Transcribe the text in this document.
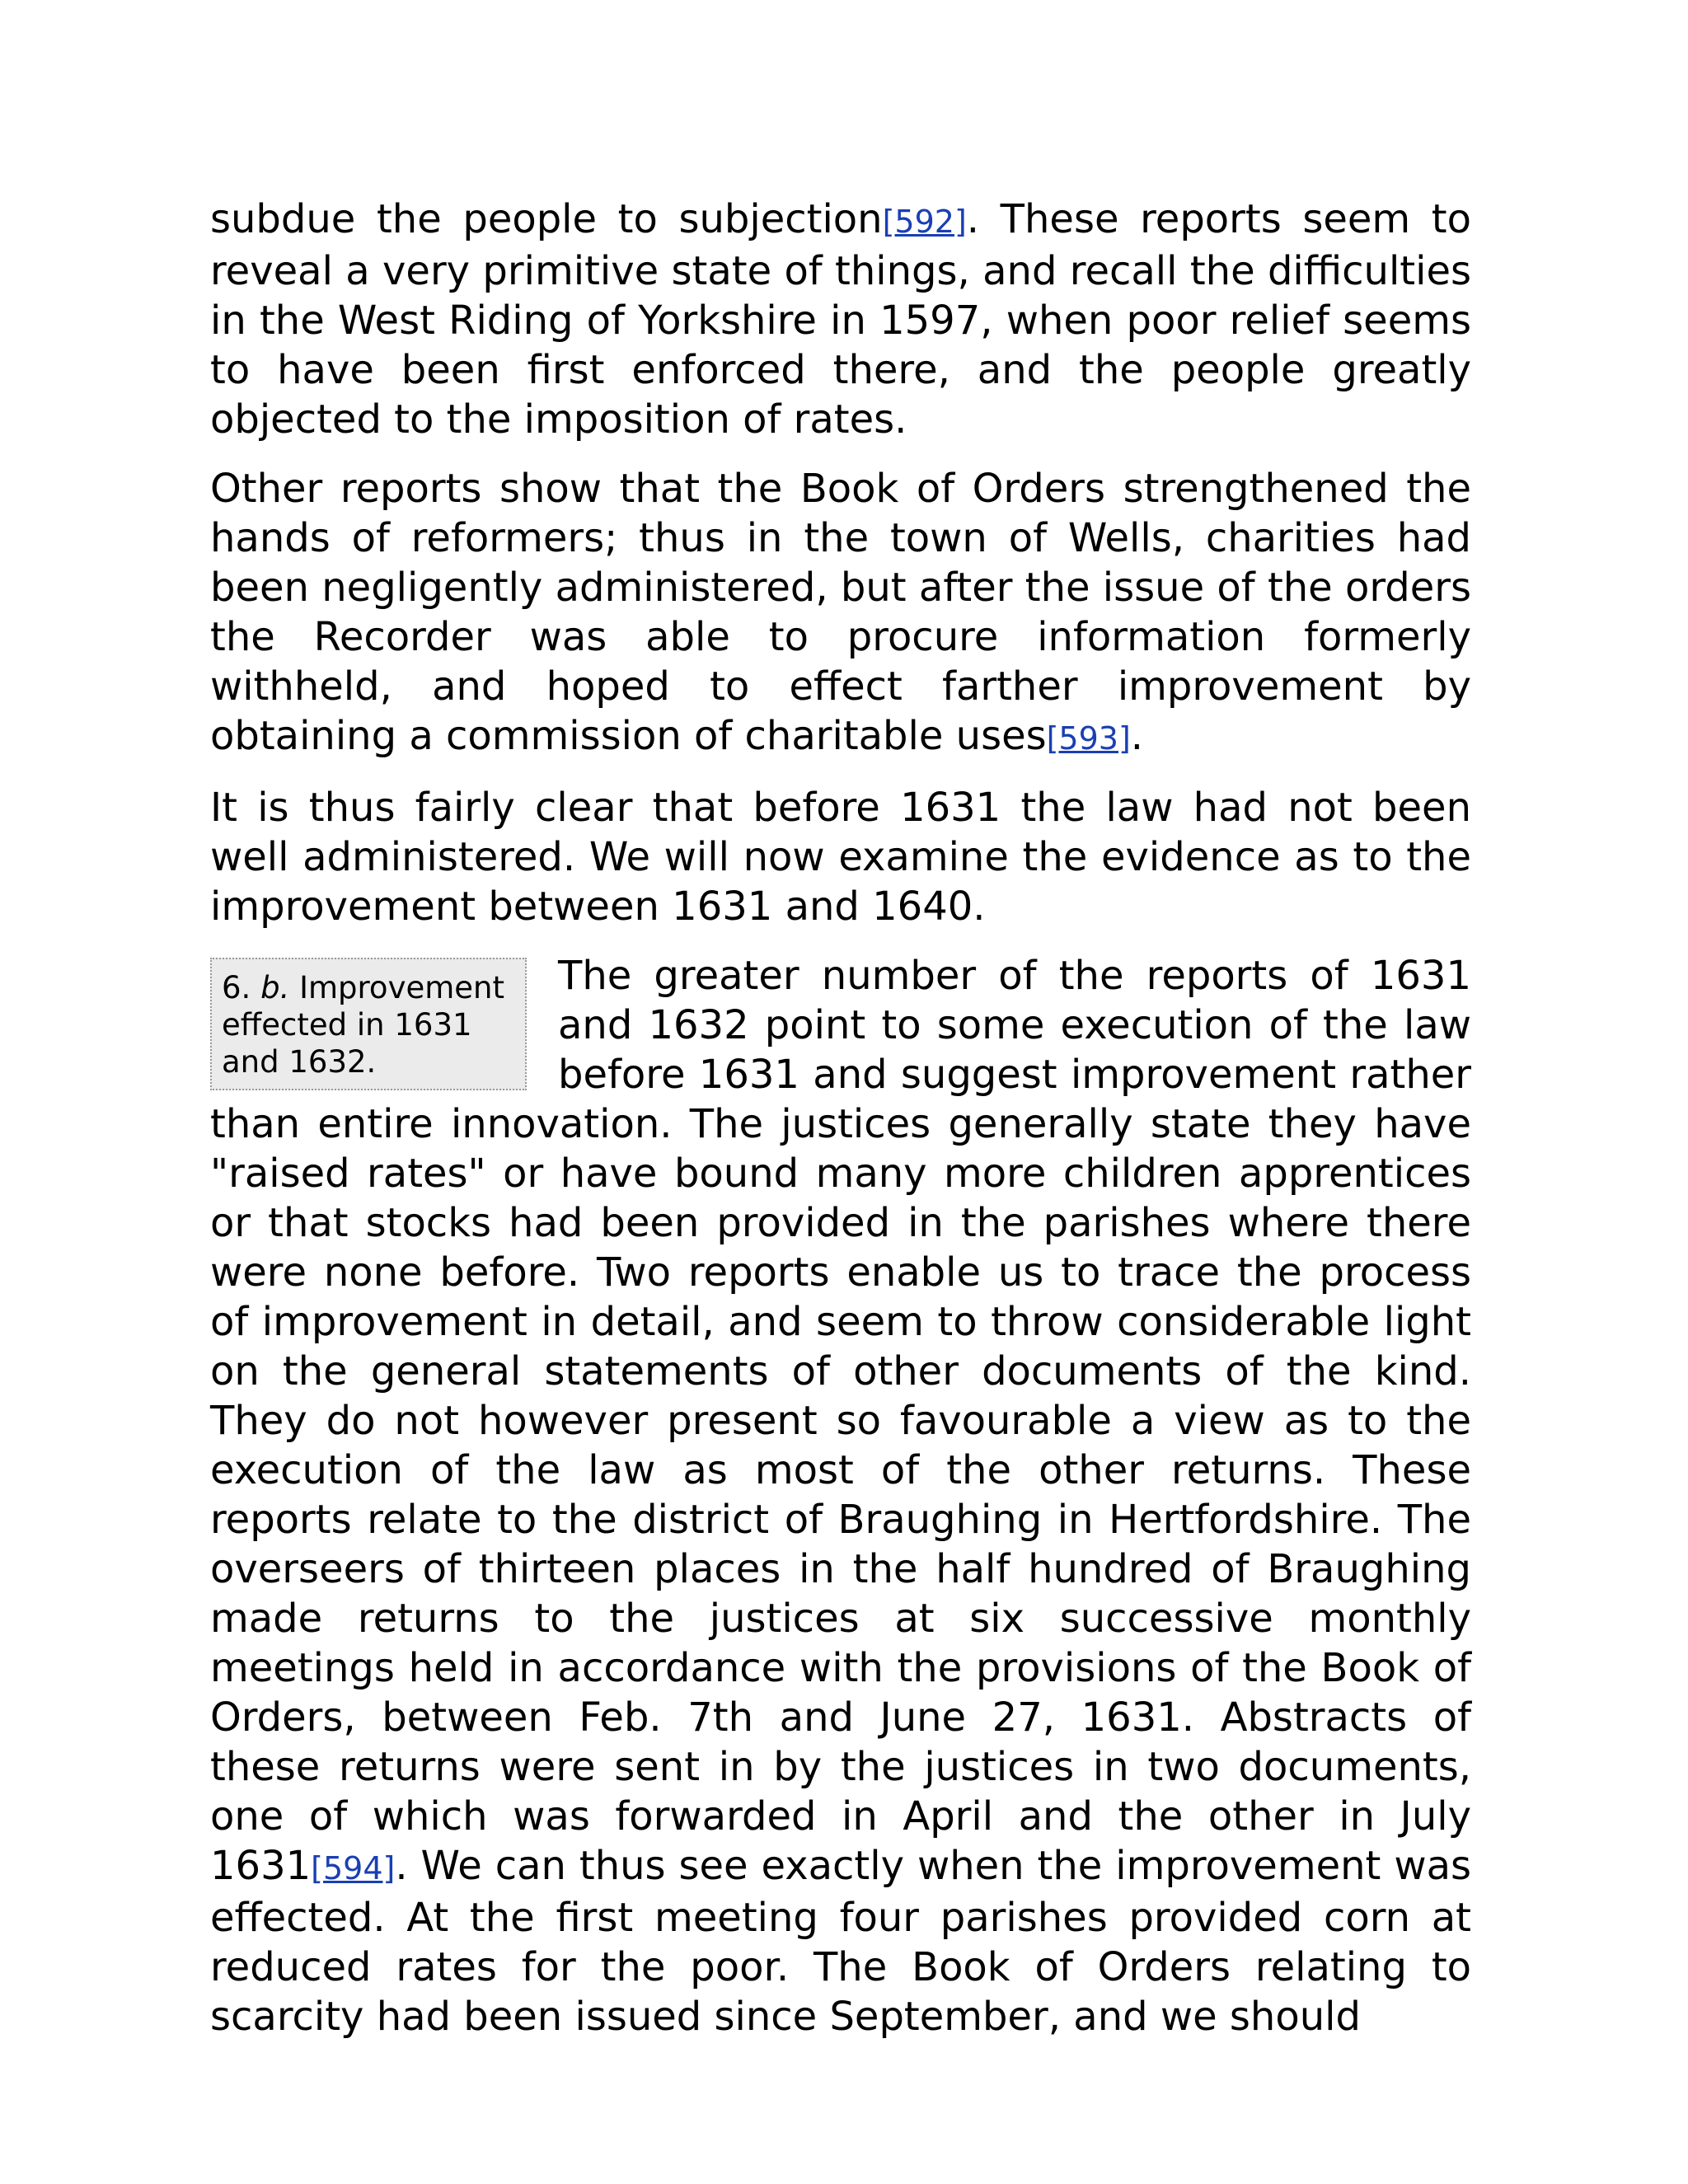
subdue the people to subjection[592]. These reports seem to reveal a very primitive state of things, and recall the difficulties in the West Riding of Yorkshire in 1597, when poor relief seems to have been first enforced there, and the people greatly objected to the imposition of rates.

Other reports show that the Book of Orders strengthened the hands of reformers; thus in the town of Wells, charities had been negligently administered, but after the issue of the orders the Recorder was able to procure information formerly withheld, and hoped to effect farther improvement by obtaining a commission of charitable uses[593].

It is thus fairly clear that before 1631 the law had not been well administered. We will now examine the evidence as to the improvement between 1631 and 1640.

6. b. Improvement effected in 1631 and 1632.
The greater number of the reports of 1631 and 1632 point to some execution of the law before 1631 and suggest improvement rather than entire innovation. The justices generally state they have "raised rates" or have bound many more children apprentices or that stocks had been provided in the parishes where there were none before. Two reports enable us to trace the process of improvement in detail, and seem to throw considerable light on the general statements of other documents of the kind. They do not however present so favourable a view as to the execution of the law as most of the other returns. These reports relate to the district of Braughing in Hertfordshire. The overseers of thirteen places in the half hundred of Braughing made returns to the justices at six successive monthly meetings held in accordance with the provisions of the Book of Orders, between Feb. 7th and June 27, 1631. Abstracts of these returns were sent in by the justices in two documents, one of which was forwarded in April and the other in July 1631[594]. We can thus see exactly when the improvement was effected. At the first meeting four parishes provided corn at reduced rates for the poor. The Book of Orders relating to scarcity had been issued since September, and we should
